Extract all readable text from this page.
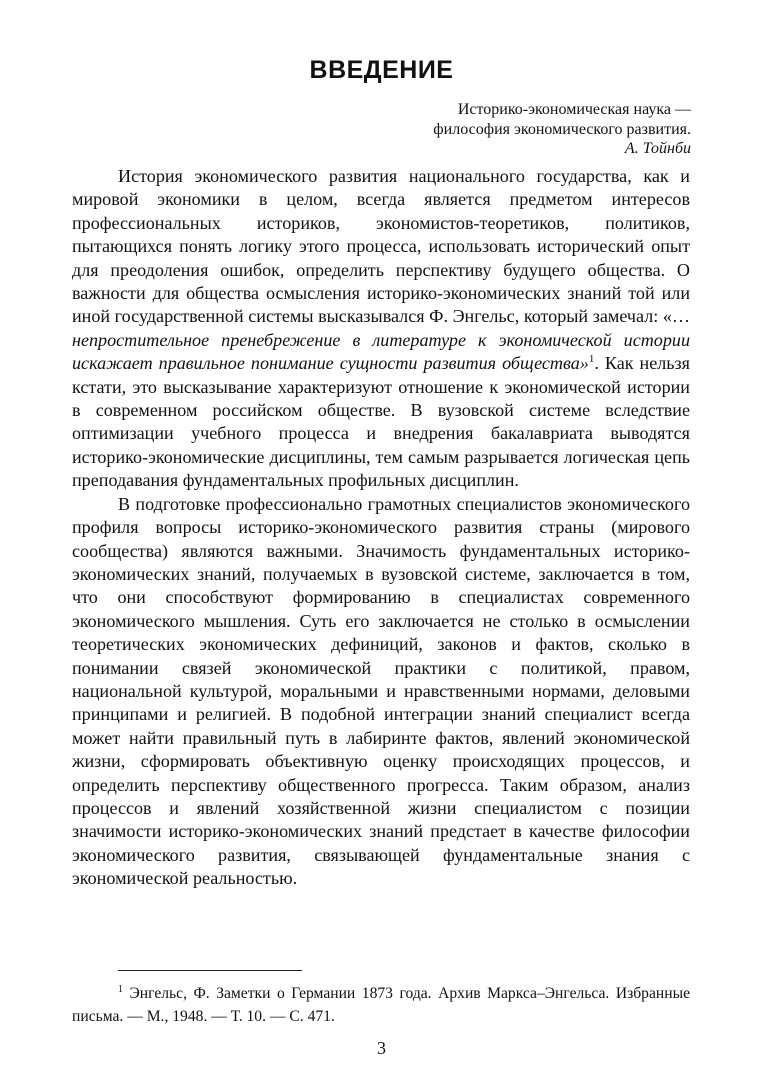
ВВЕДЕНИЕ
Историко-экономическая наука —
философия экономического развития.
А. Тойнби

История экономического развития национального государства, как и мировой экономики в целом, всегда является предметом интересов профессиональных историков, экономистов-теоретиков, политиков, пытающихся понять логику этого процесса, использовать исторический опыт для преодоления ошибок, определить перспективу будущего общества. О важности для общества осмысления историко-экономических знаний той или иной государственной системы высказывался Ф. Энгельс, который замечал: «…непростительное пренебрежение в литературе к экономической истории искажает правильное понимание сущности развития общества»$^1$. Как нельзя кстати, это высказывание характеризуют отношение к экономической истории в современном российском обществе. В вузовской системе вследствие оптимизации учебного процесса и внедрения бакалавриата выводятся историко-экономические дисциплины, тем самым разрывается логическая цепь преподавания фундаментальных профильных дисциплин.

В подготовке профессионально грамотных специалистов экономического профиля вопросы историко-экономического развития страны (мирового сообщества) являются важными. Значимость фундаментальных историко-экономических знаний, получаемых в вузовской системе, заключается в том, что они способствуют формированию в специалистах современного экономического мышления. Суть его заключается не столько в осмыслении теоретических экономических дефиниций, законов и фактов, сколько в понимании связей экономической практики с политикой, правом, национальной культурой, моральными и нравственными нормами, деловыми принципами и религией. В подобной интеграции знаний специалист всегда может найти правильный путь в лабиринте фактов, явлений экономической жизни, сформировать объективную оценку происходящих процессов, и определить перспективу общественного прогресса. Таким образом, анализ процессов и явлений хозяйственной жизни специалистом с позиции значимости историко-экономических знаний предстает в качестве философии экономического развития, связывающей фундаментальные знания с экономической реальностью.

$^1$ Энгельс, Ф. Заметки о Германии 1873 года. Архив Маркса–Энгельса. Избранные письма. — М., 1948. — Т. 10. — С. 471.
3
